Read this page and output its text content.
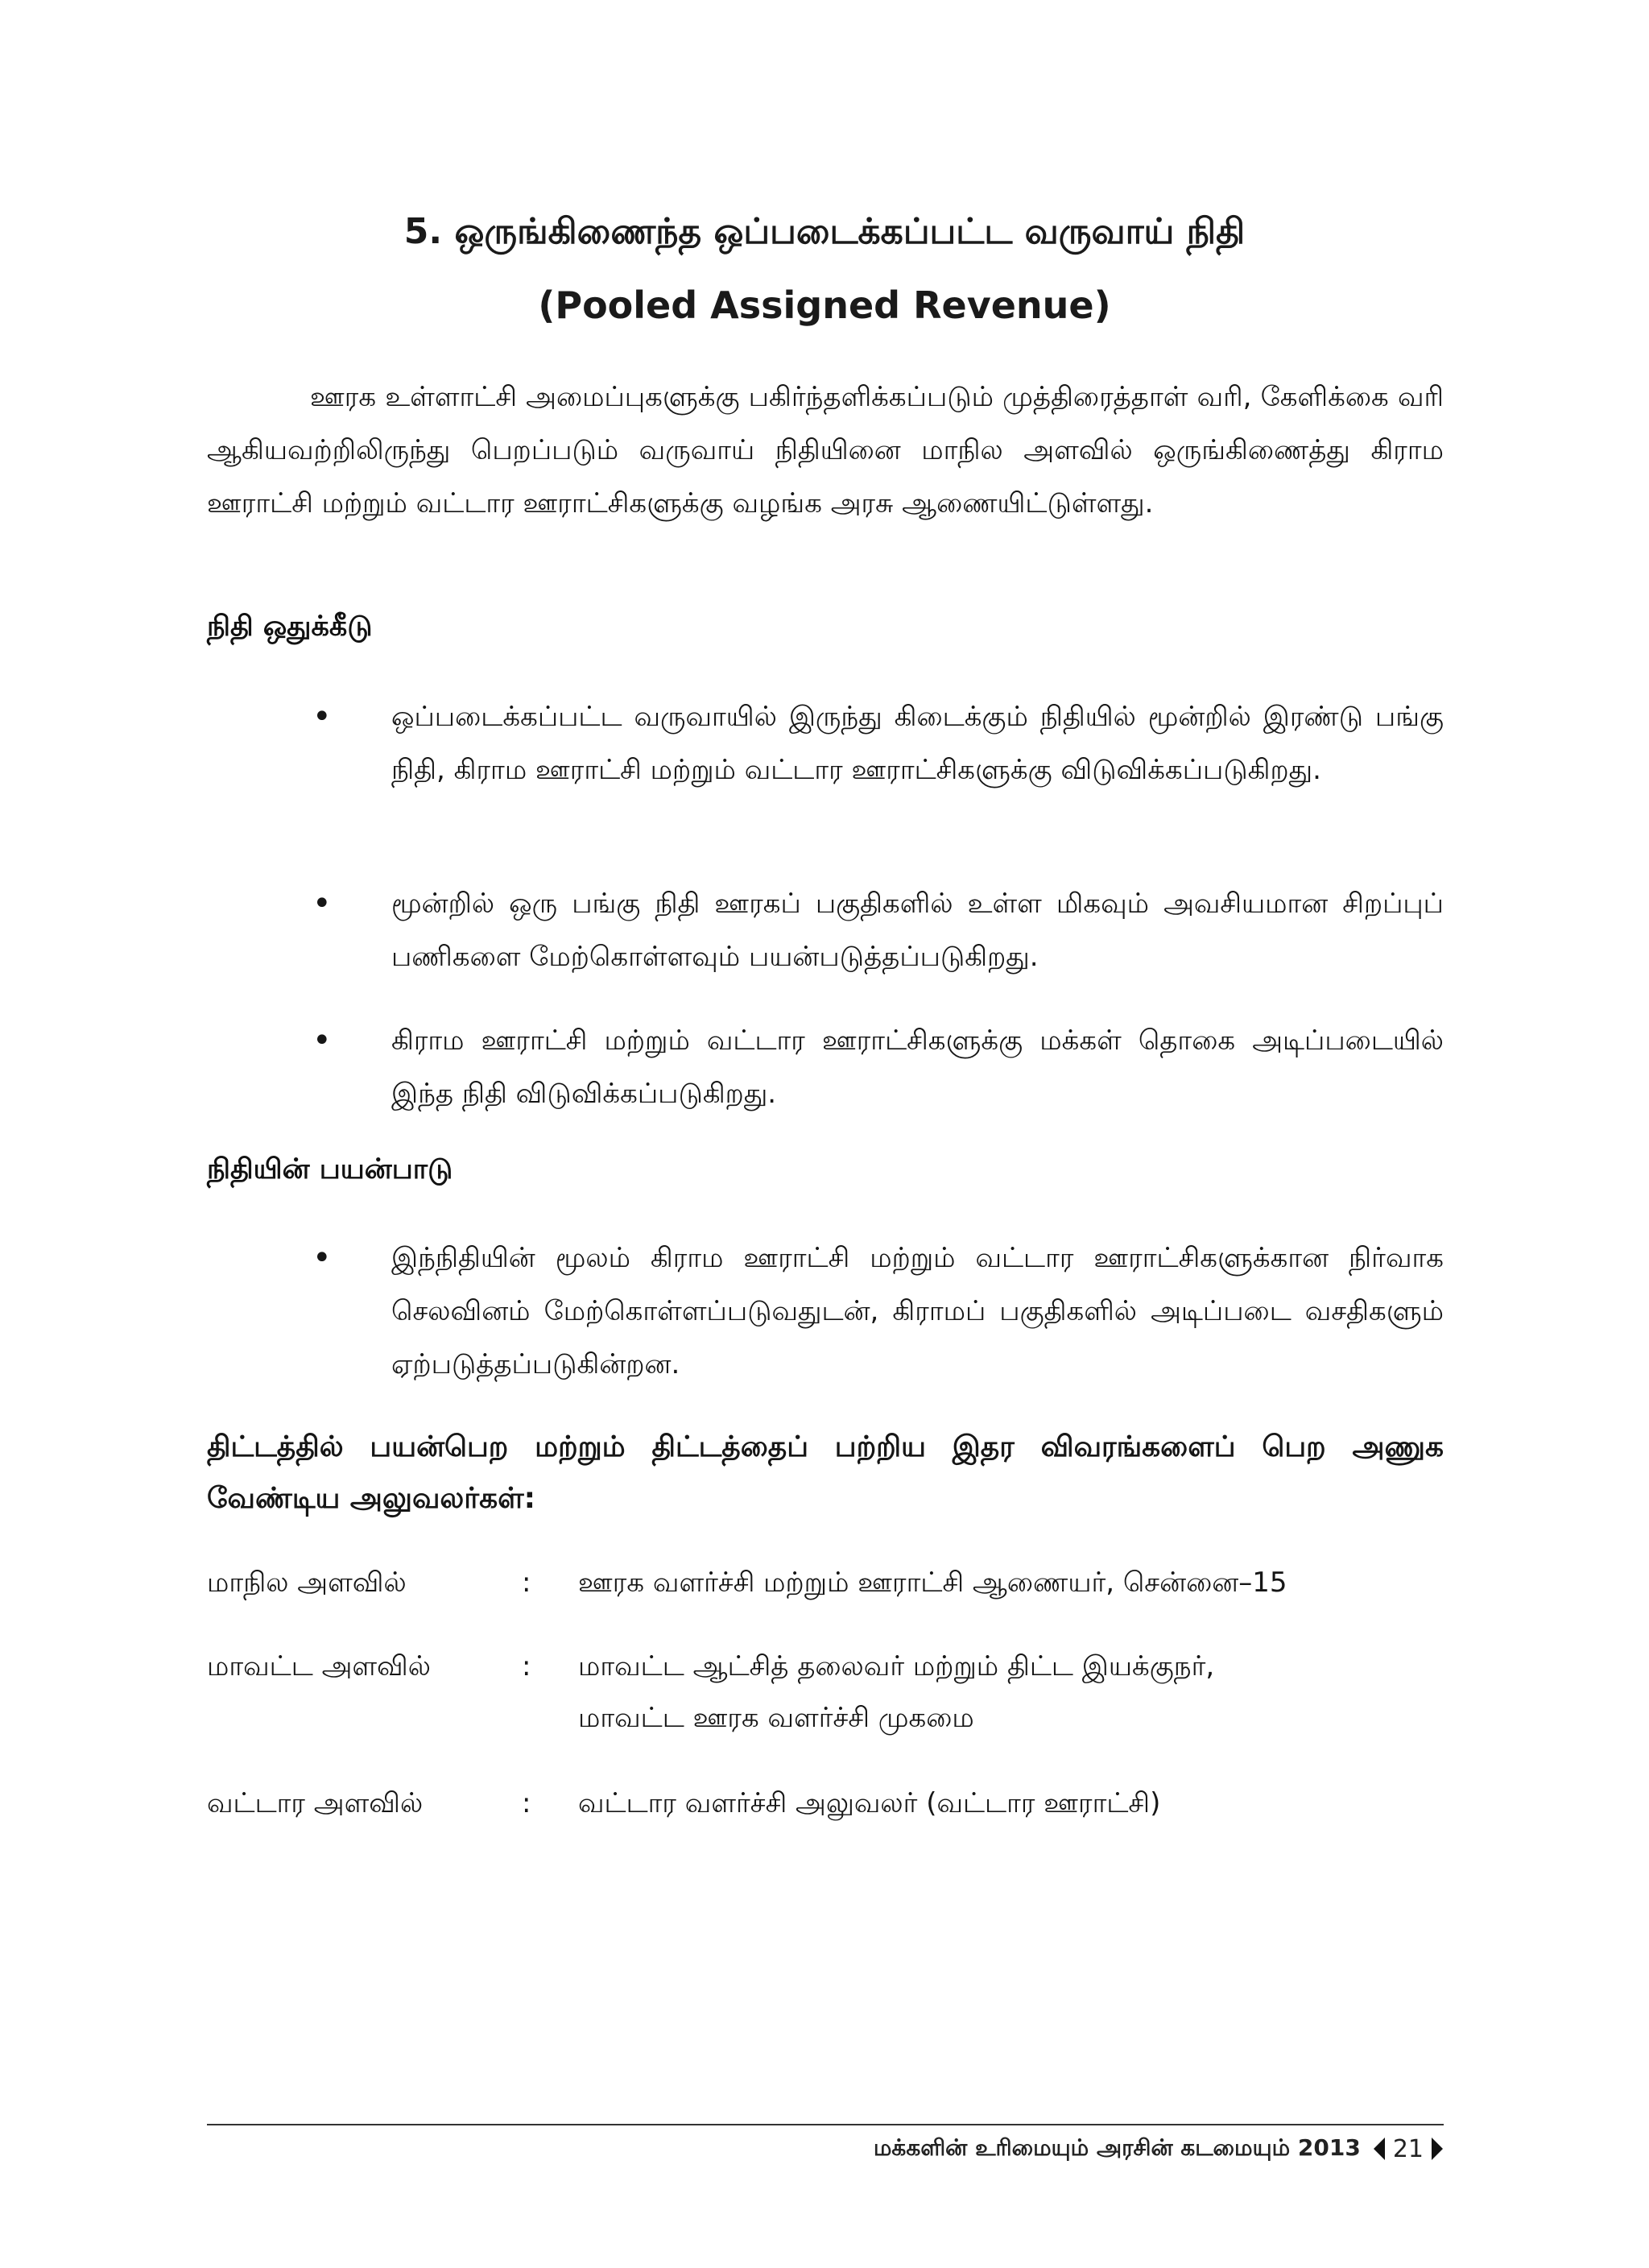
5. ஒருங்கிணைந்த ஒப்படைக்கப்பட்ட வருவாய் நிதி
(Pooled Assigned Revenue)
ஊரக உள்ளாட்சி அமைப்புகளுக்கு பகிர்ந்தளிக்கப்படும் முத்திரைத்தாள் வரி, கேளிக்கை வரி ஆகியவற்றிலிருந்து பெறப்படும் வருவாய் நிதியினை மாநில அளவில் ஒருங்கிணைத்து கிராம ஊராட்சி மற்றும் வட்டார ஊராட்சிகளுக்கு வழங்க அரசு ஆணையிட்டுள்ளது.
நிதி ஒதுக்கீடு
• ஒப்படைக்கப்பட்ட வருவாயில் இருந்து கிடைக்கும் நிதியில் மூன்றில் இரண்டு பங்கு நிதி, கிராம ஊராட்சி மற்றும் வட்டார ஊராட்சிகளுக்கு விடுவிக்கப்படுகிறது.
• மூன்றில் ஒரு பங்கு நிதி ஊரகப் பகுதிகளில் உள்ள மிகவும் அவசியமான சிறப்புப் பணிகளை மேற்கொள்ளவும் பயன்படுத்தப்படுகிறது.
• கிராம ஊராட்சி மற்றும் வட்டார ஊராட்சிகளுக்கு மக்கள் தொகை அடிப்படையில் இந்த நிதி விடுவிக்கப்படுகிறது.
நிதியின் பயன்பாடு
• இந்நிதியின் மூலம் கிராம ஊராட்சி மற்றும் வட்டார ஊராட்சிகளுக்கான நிர்வாக செலவினம் மேற்கொள்ளப்படுவதுடன், கிராமப் பகுதிகளில் அடிப்படை வசதிகளும் ஏற்படுத்தப்படுகின்றன.
திட்டத்தில் பயன்பெற மற்றும் திட்டத்தைப் பற்றிய இதர விவரங்களைப் பெற அணுக வேண்டிய அலுவலர்கள்:
மாநில அளவில்	: ஊரக வளர்ச்சி மற்றும் ஊராட்சி ஆணையர், சென்னை–15
மாவட்ட அளவில்	: மாவட்ட ஆட்சித் தலைவர் மற்றும் திட்ட இயக்குநர்,
மாவட்ட ஊரக வளர்ச்சி முகமை
வட்டார அளவில்	: வட்டார வளர்ச்சி அலுவலர் (வட்டார ஊராட்சி)
மக்களின் உரிமையும் அரசின் கடமையும் 2013 21
